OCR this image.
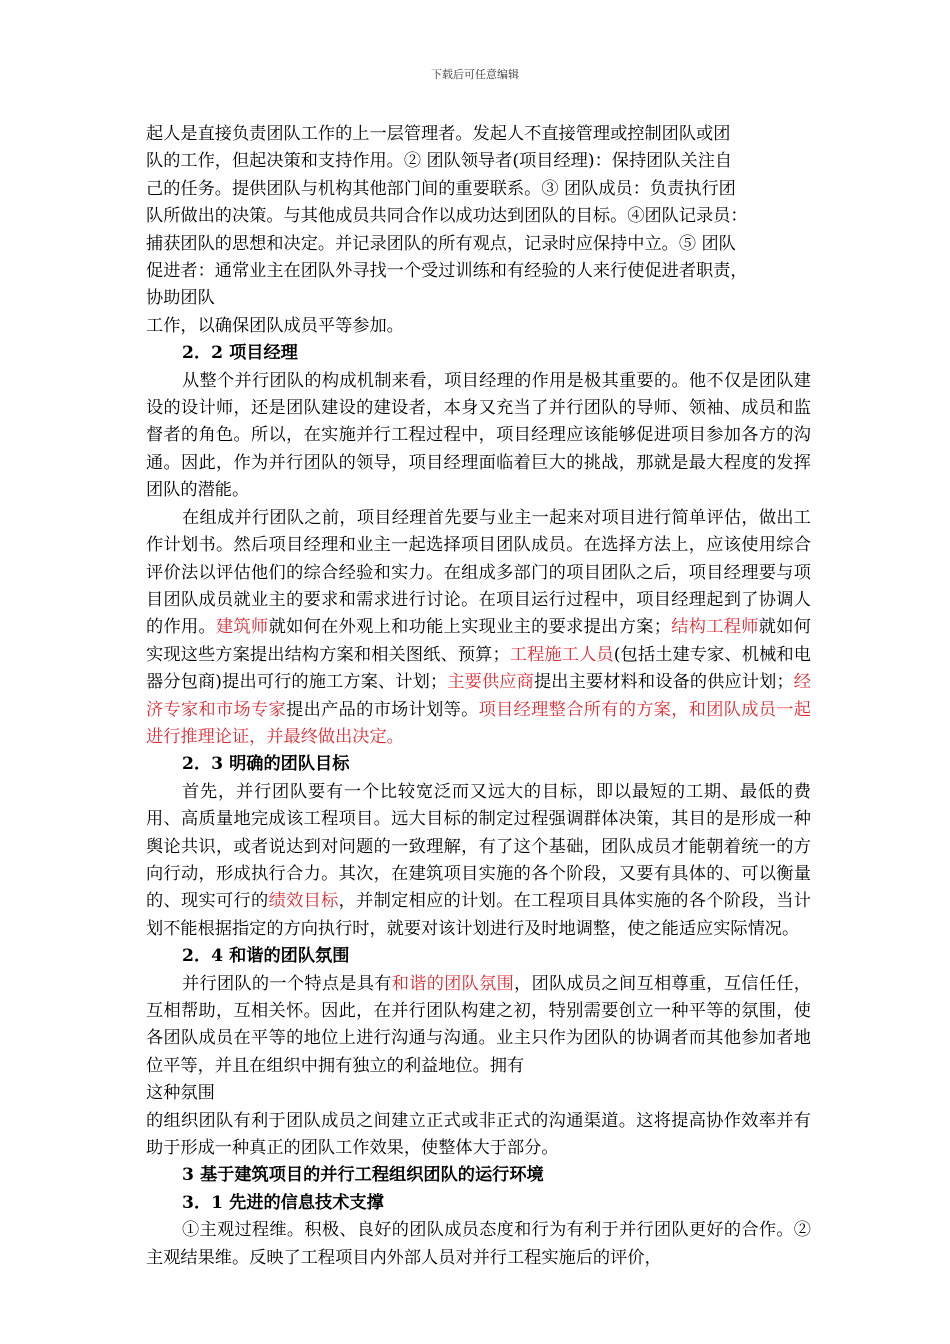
下载后可任意编辑

起人是直接负责团队工作的上一层管理者。发起人不直接管理或控制团队或团

队的工作，但起决策和支持作用。② 团队领导者(项目经理)：保持团队关注自

己的任务。提供团队与机构其他部门间的重要联系。③ 团队成员：负责执行团

队所做出的决策。与其他成员共同合作以成功达到团队的目标。④团队记录员：

捕获团队的思想和决定。并记录团队的所有观点，记录时应保持中立。⑤ 团队

促进者：通常业主在团队外寻找一个受过训练和有经验的人来行使促进者职责，

协助团队

工作，以确保团队成员平等参加。

2．2 项目经理

从整个并行团队的构成机制来看，项目经理的作用是极其重要的。他不仅是团队建设的设计师，还是团队建设的建设者，本身又充当了并行团队的导师、领袖、成员和监督者的角色。所以，在实施并行工程过程中，项目经理应该能够促进项目参加各方的沟通。因此，作为并行团队的领导，项目经理面临着巨大的挑战，那就是最大程度的发挥团队的潜能。

在组成并行团队之前，项目经理首先要与业主一起来对项目进行简单评估，做出工作计划书。然后项目经理和业主一起选择项目团队成员。在选择方法上，应该使用综合评价法以评估他们的综合经验和实力。在组成多部门的项目团队之后，项目经理要与项目团队成员就业主的要求和需求进行讨论。在项目运行过程中，项目经理起到了协调人的作用。建筑师就如何在外观上和功能上实现业主的要求提出方案；结构工程师就如何实现这些方案提出结构方案和相关图纸、预算；工程施工人员(包括土建专家、机械和电器分包商)提出可行的施工方案、计划；主要供应商提出主要材料和设备的供应计划；经济专家和市场专家提出产品的市场计划等。项目经理整合所有的方案，和团队成员一起进行推理论证，并最终做出决定。

2．3 明确的团队目标

首先，并行团队要有一个比较宽泛而又远大的目标，即以最短的工期、最低的费用、高质量地完成该工程项目。远大目标的制定过程强调群体决策，其目的是形成一种舆论共识，或者说达到对问题的一致理解，有了这个基础，团队成员才能朝着统一的方向行动，形成执行合力。其次，在建筑项目实施的各个阶段，又要有具体的、可以衡量的、现实可行的绩效目标，并制定相应的计划。在工程项目具体实施的各个阶段，当计划不能根据指定的方向执行时，就要对该计划进行及时地调整，使之能适应实际情况。

2．4 和谐的团队氛围

并行团队的一个特点是具有和谐的团队氛围，团队成员之间互相尊重，互信任任，互相帮助，互相关怀。因此，在并行团队构建之初，特别需要创立一种平等的氛围，使各团队成员在平等的地位上进行沟通与沟通。业主只作为团队的协调者而其他参加者地位平等，并且在组织中拥有独立的利益地位。拥有

这种氛围

的组织团队有利于团队成员之间建立正式或非正式的沟通渠道。这将提高协作效率并有助于形成一种真正的团队工作效果，使整体大于部分。

3 基于建筑项目的并行工程组织团队的运行环境

3．1 先进的信息技术支撑

①主观过程维。积极、良好的团队成员态度和行为有利于并行团队更好的合作。②主观结果维。反映了工程项目内外部人员对并行工程实施后的评价，
